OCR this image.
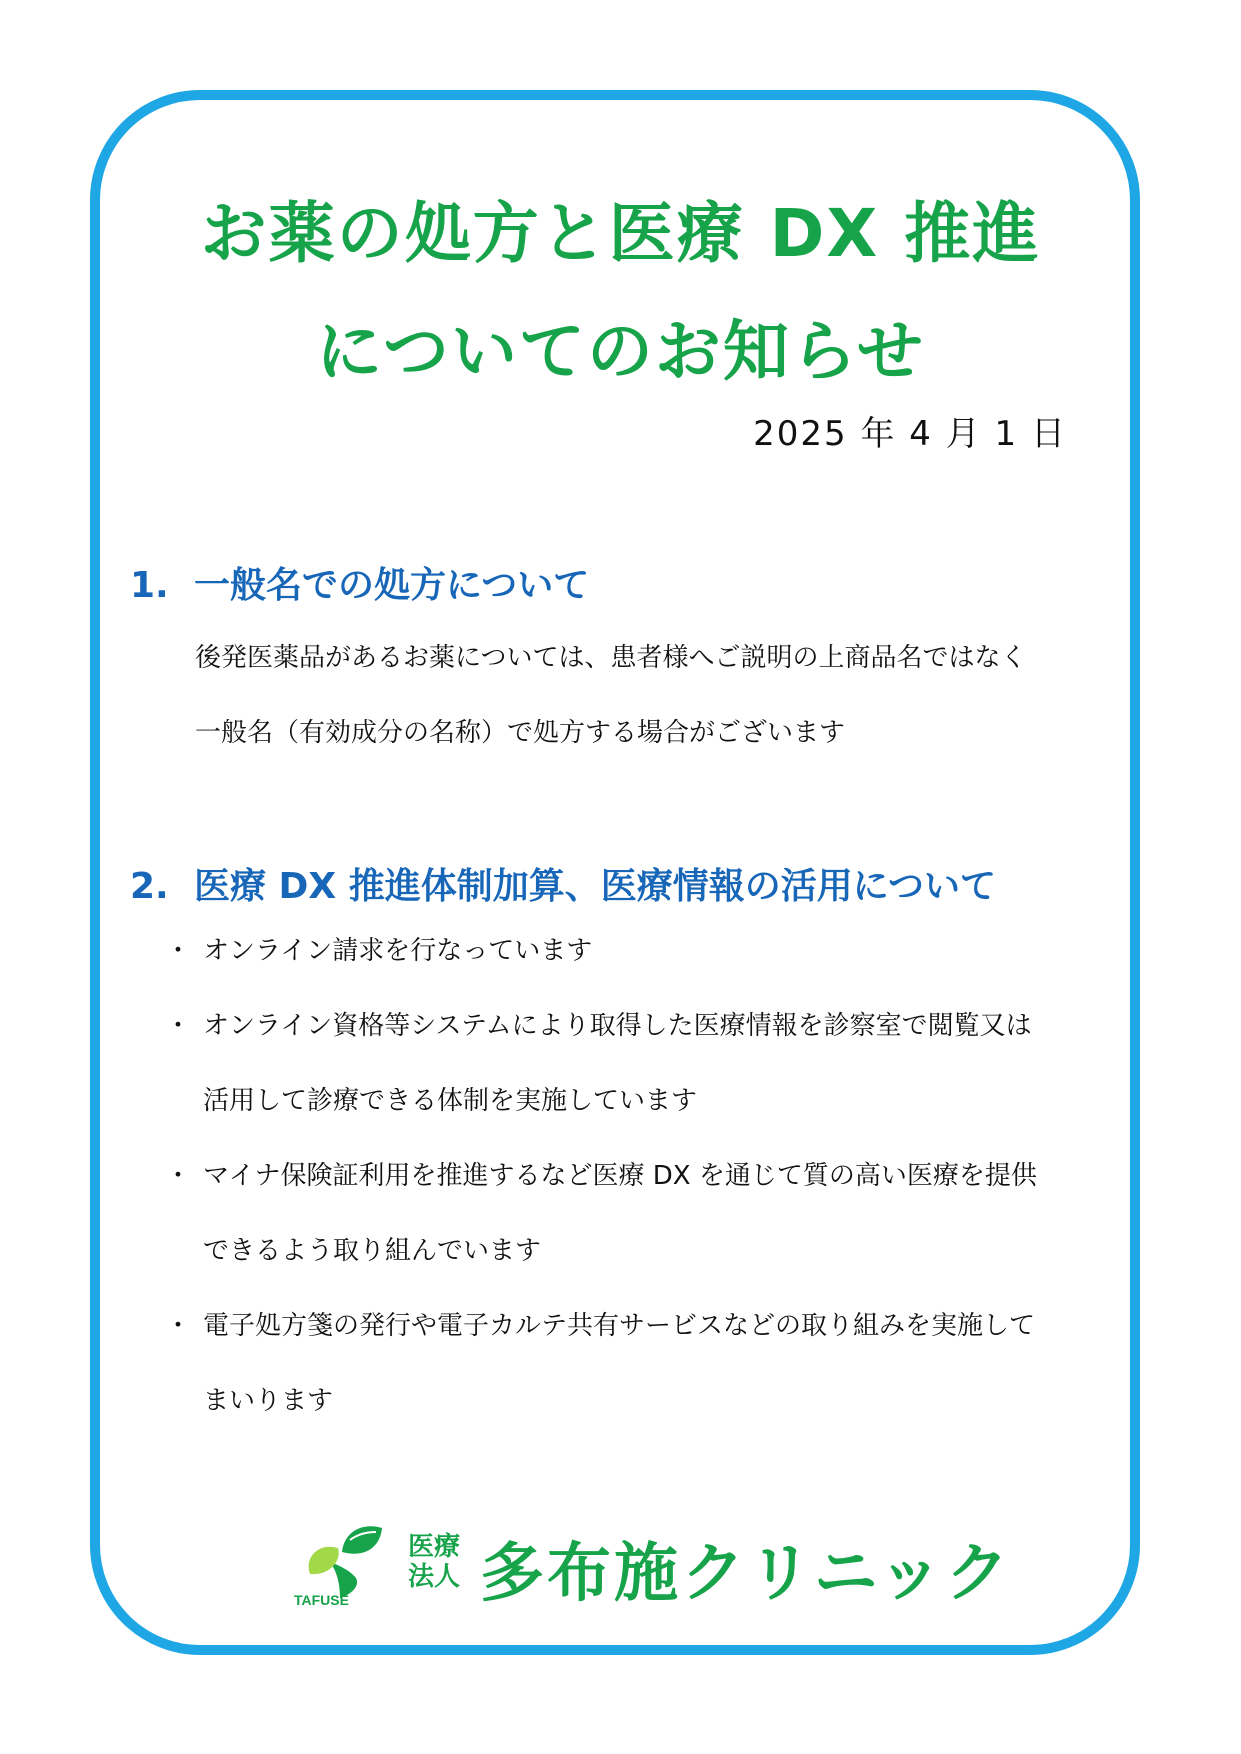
お薬の処方と医療 DX 推進
についてのお知らせ
2025 年 4 月 1 日
1. 一般名での処方について
後発医薬品があるお薬については、患者様へご説明の上商品名ではなく
一般名（有効成分の名称）で処方する場合がございます
2. 医療 DX 推進体制加算、医療情報の活用について
・ オンライン請求を行なっています
・ オンライン資格等システムにより取得した医療情報を診察室で閲覧又は
活用して診療できる体制を実施しています
・ マイナ保険証利用を推進するなど医療 DX を通じて質の高い医療を提供
できるよう取り組んでいます
・ 電子処方箋の発行や電子カルテ共有サービスなどの取り組みを実施して
まいります
TAFUSE
医療
法人 多布施クリニック
